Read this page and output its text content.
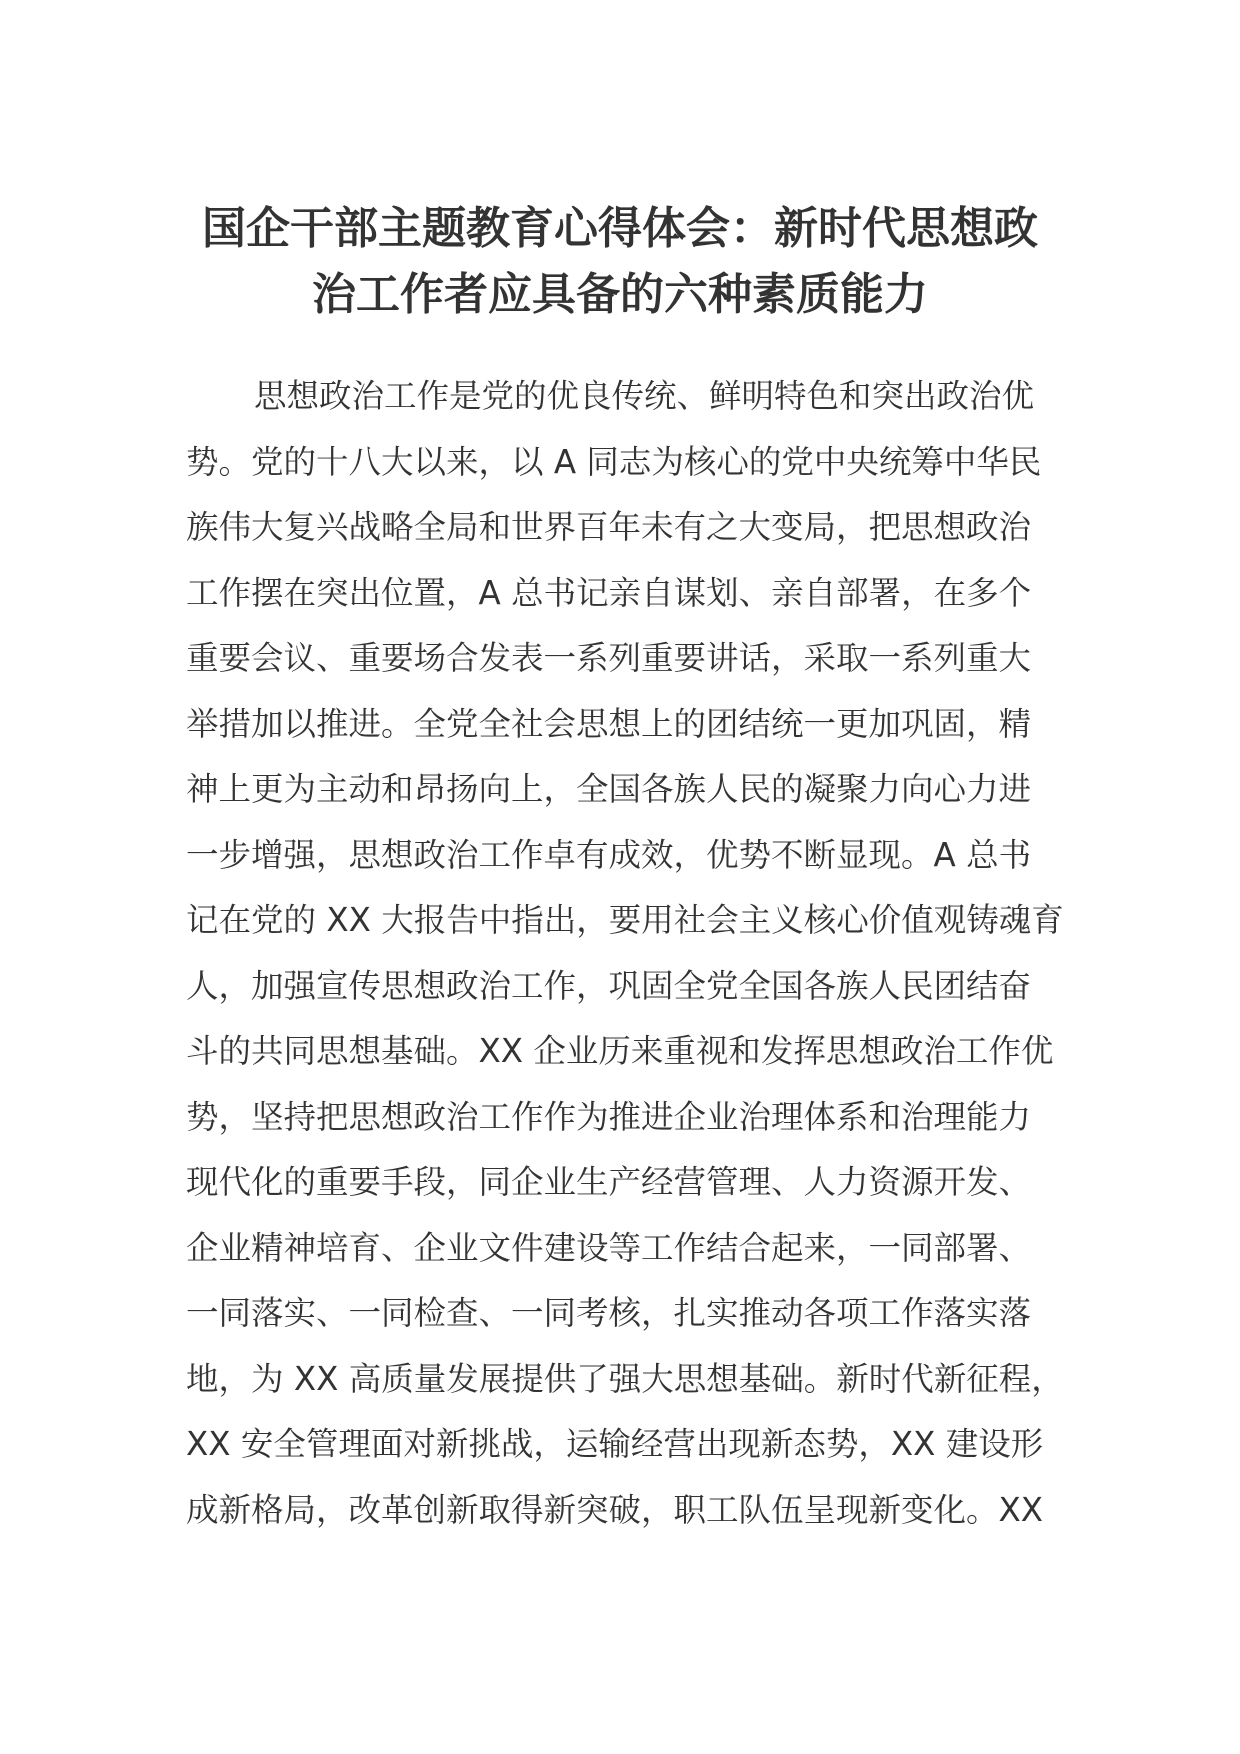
国企干部主题教育心得体会：新时代思想政
治工作者应具备的六种素质能力
思想政治工作是党的优良传统、鲜明特色和突出政治优
势。党的十八大以来，以 A 同志为核心的党中央统筹中华民
族伟大复兴战略全局和世界百年未有之大变局，把思想政治
工作摆在突出位置，A 总书记亲自谋划、亲自部署，在多个
重要会议、重要场合发表一系列重要讲话，采取一系列重大
举措加以推进。全党全社会思想上的团结统一更加巩固，精
神上更为主动和昂扬向上，全国各族人民的凝聚力向心力进
一步增强，思想政治工作卓有成效，优势不断显现。A 总书
记在党的 XX 大报告中指出，要用社会主义核心价值观铸魂育
人，加强宣传思想政治工作，巩固全党全国各族人民团结奋
斗的共同思想基础。XX 企业历来重视和发挥思想政治工作优
势，坚持把思想政治工作作为推进企业治理体系和治理能力
现代化的重要手段，同企业生产经营管理、人力资源开发、
企业精神培育、企业文件建设等工作结合起来，一同部署、
一同落实、一同检查、一同考核，扎实推动各项工作落实落
地，为 XX 高质量发展提供了强大思想基础。新时代新征程，
XX 安全管理面对新挑战，运输经营出现新态势，XX 建设形
成新格局，改革创新取得新突破，职工队伍呈现新变化。XX
